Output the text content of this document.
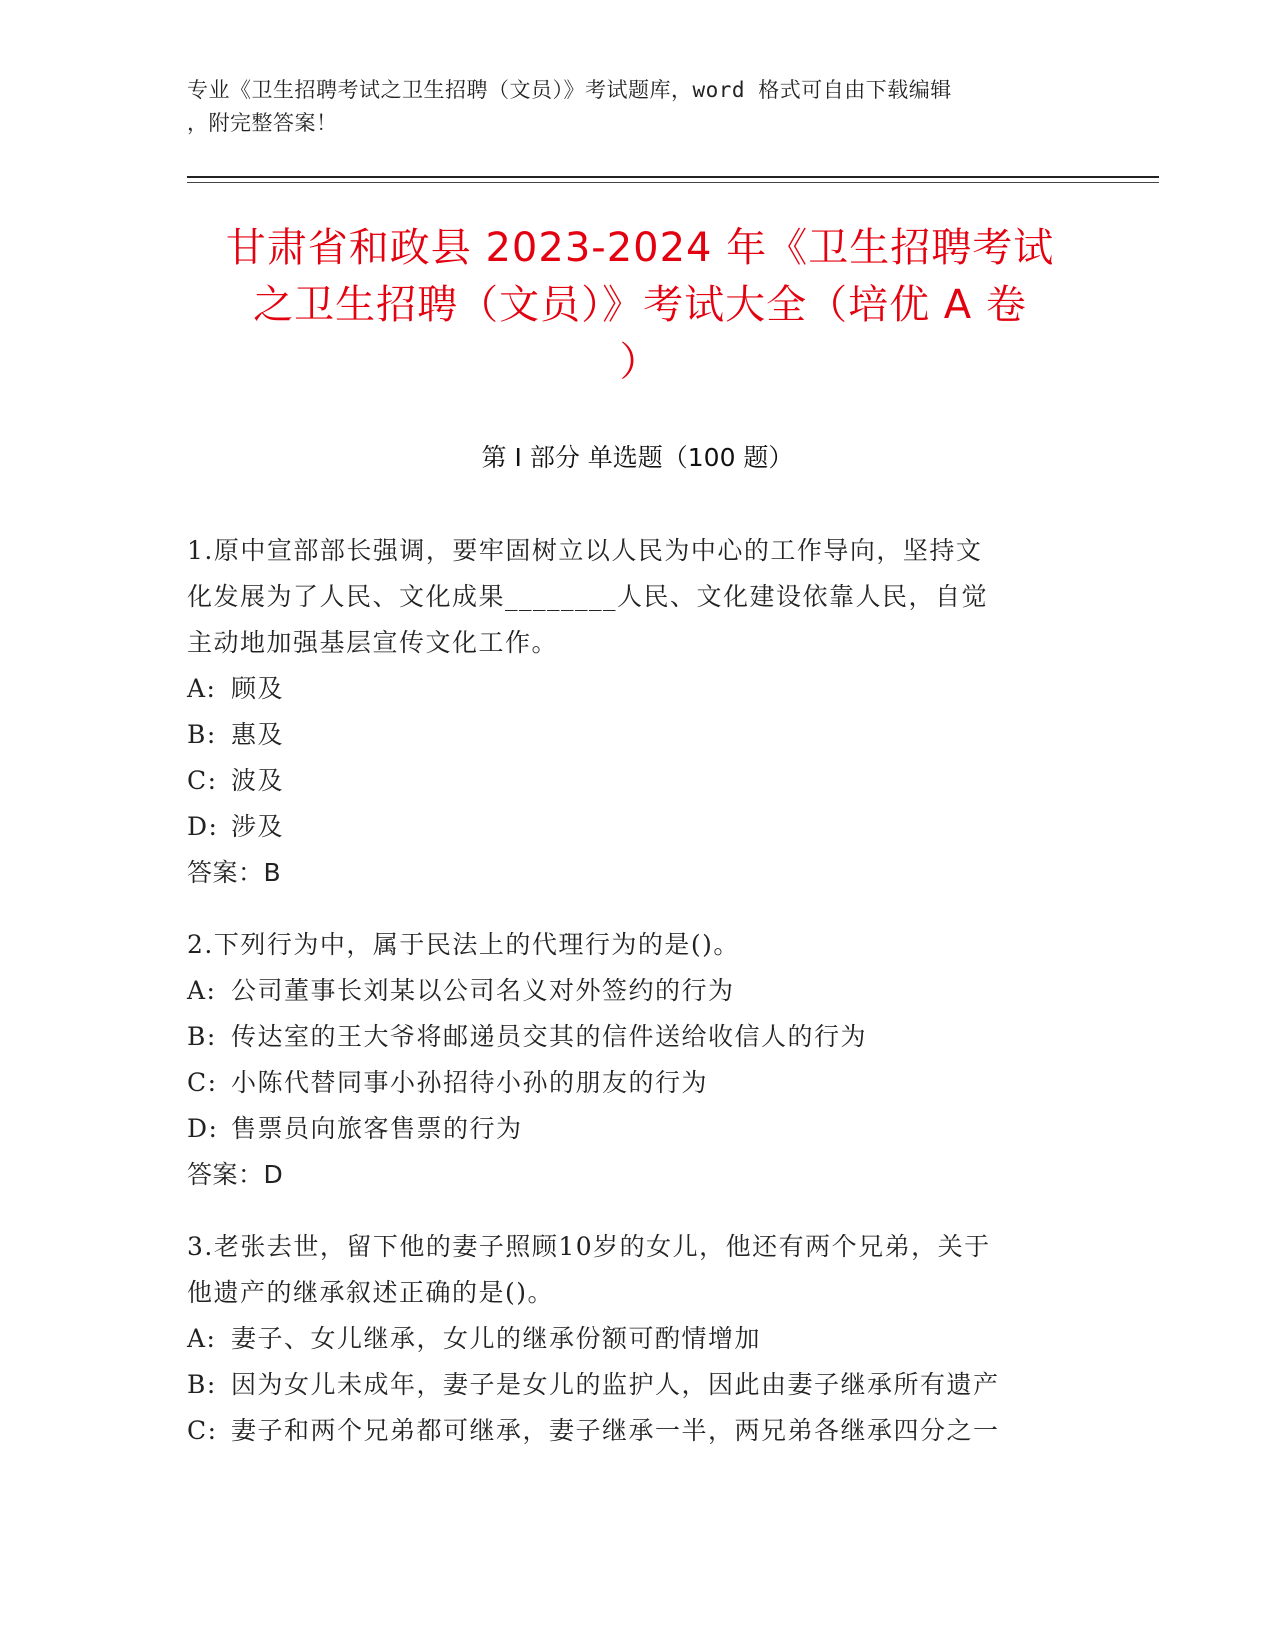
专业《卫生招聘考试之卫生招聘（文员）》考试题库，word 格式可自由下载编辑
，附完整答案！
甘肃省和政县 2023-2024 年《卫生招聘考试
之卫生招聘（文员）》考试大全（培优 A 卷
）
第 I 部分 单选题（100 题）
1.原中宣部部长强调，要牢固树立以人民为中心的工作导向，坚持文
化发展为了人民、文化成果________人民、文化建设依靠人民，自觉
主动地加强基层宣传文化工作。
A: 顾及
B: 惠及
C: 波及
D: 涉及
答案：B
2.下列行为中，属于民法上的代理行为的是()。
A: 公司董事长刘某以公司名义对外签约的行为
B: 传达室的王大爷将邮递员交其的信件送给收信人的行为
C: 小陈代替同事小孙招待小孙的朋友的行为
D: 售票员向旅客售票的行为
答案：D
3.老张去世，留下他的妻子照顾10岁的女儿，他还有两个兄弟，关于
他遗产的继承叙述正确的是()。
A: 妻子、女儿继承，女儿的继承份额可酌情增加
B: 因为女儿未成年，妻子是女儿的监护人，因此由妻子继承所有遗产
C: 妻子和两个兄弟都可继承，妻子继承一半，两兄弟各继承四分之一
